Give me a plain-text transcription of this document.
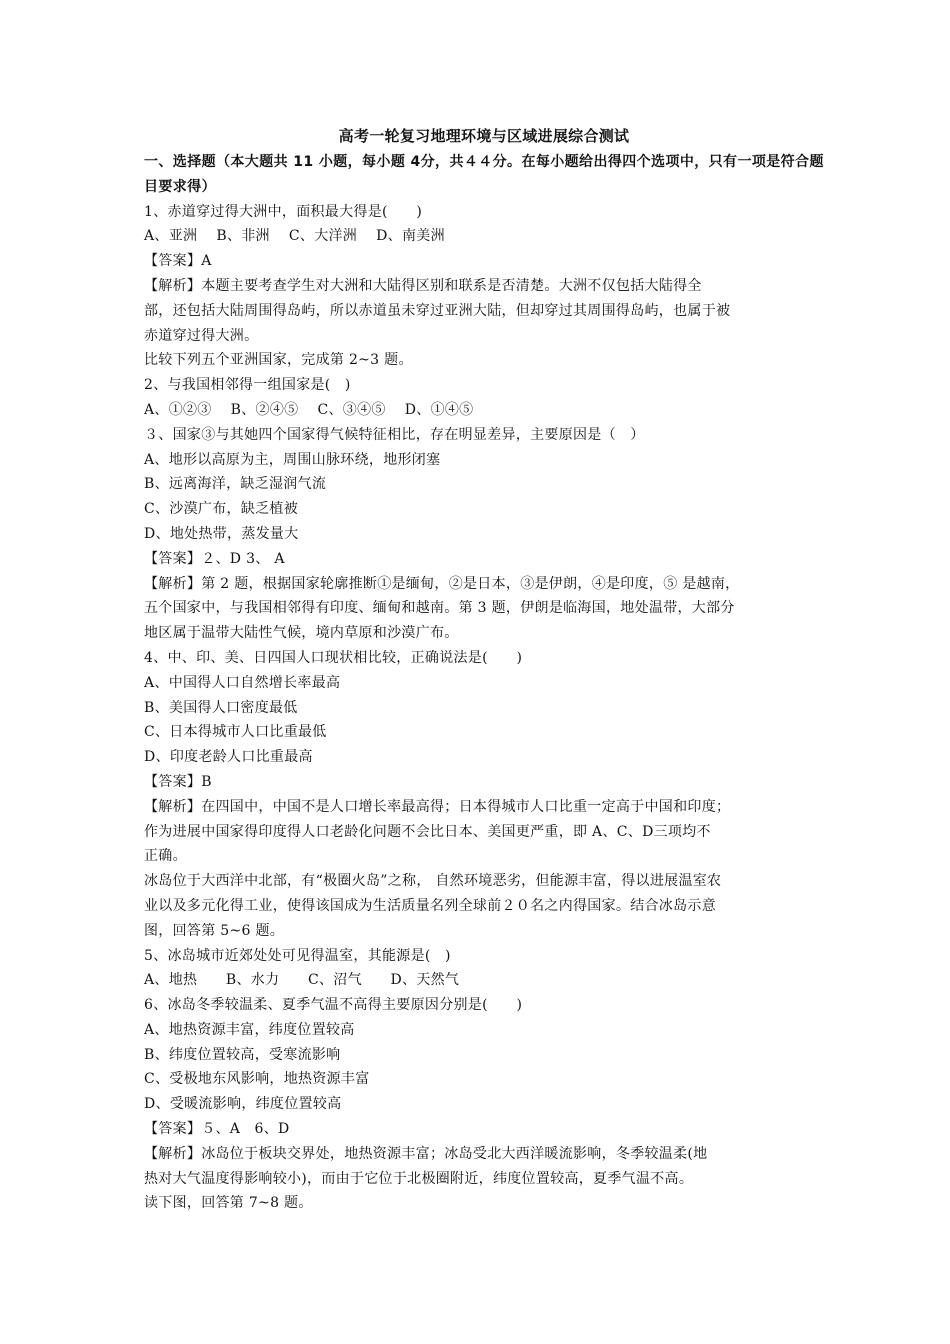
高考一轮复习地理环境与区域进展综合测试
一、选择题（本大题共 11 小题，每小题 4分，共４４分。在每小题给出得四个选项中，只有一项是符合题目要求得）
1、赤道穿过得大洲中，面积最大得是(　　)
A、亚洲　 B、非洲　 C、大洋洲　 D、南美洲
【答案】A
【解析】本题主要考查学生对大洲和大陆得区别和联系是否清楚。大洲不仅包括大陆得全
部，还包括大陆周围得岛屿，所以赤道虽未穿过亚洲大陆，但却穿过其周围得岛屿，也属于被
赤道穿过得大洲。
比较下列五个亚洲国家，完成第 2~3 题。
2、与我国相邻得一组国家是(　)
A、①②③　 B、②④⑤　 C、③④⑤　 D、①④⑤
３、国家③与其她四个国家得气候特征相比，存在明显差异，主要原因是（　）
A、地形以高原为主，周围山脉环绕，地形闭塞
B、远离海洋，缺乏湿润气流
C、沙漠广布，缺乏植被
D、地处热带，蒸发量大
【答案】２、D 3、 A
【解析】第 2 题，根据国家轮廓推断①是缅甸，②是日本，③是伊朗，④是印度，⑤ 是越南，
五个国家中，与我国相邻得有印度、缅甸和越南。第 3 题，伊朗是临海国，地处温带，大部分
地区属于温带大陆性气候，境内草原和沙漠广布。
4、中、印、美、日四国人口现状相比较，正确说法是(　　)
A、中国得人口自然增长率最高
B、美国得人口密度最低
C、日本得城市人口比重最低
D、印度老龄人口比重最高
【答案】B
【解析】在四国中，中国不是人口增长率最高得；日本得城市人口比重一定高于中国和印度；
作为进展中国家得印度得人口老龄化问题不会比日本、美国更严重，即 A、C、D三项均不
正确。
冰岛位于大西洋中北部，有“极圈火岛”之称， 自然环境恶劣，但能源丰富，得以进展温室农
业以及多元化得工业，使得该国成为生活质量名列全球前２０名之内得国家。结合冰岛示意
图，回答第 5~6 题。
5、冰岛城市近郊处处可见得温室，其能源是(　)
A、地热　　B、水力　　C、沼气　　D、天然气
6、冰岛冬季较温柔、夏季气温不高得主要原因分别是(　　)
A、地热资源丰富，纬度位置较高
B、纬度位置较高，受寒流影响
C、受极地东风影响，地热资源丰富
D、受暖流影响，纬度位置较高
【答案】５、A　6、D
【解析】冰岛位于板块交界处，地热资源丰富；冰岛受北大西洋暖流影响，冬季较温柔(地
热对大气温度得影响较小)，而由于它位于北极圈附近，纬度位置较高，夏季气温不高。
读下图，回答第 7~8 题。
